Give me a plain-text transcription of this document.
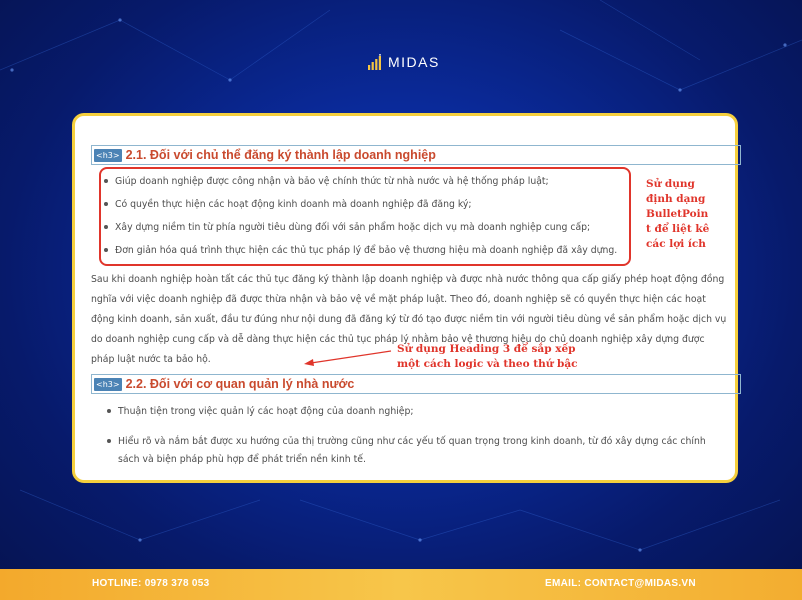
MIDAS
<h3> 2.1. Đối với chủ thể đăng ký thành lập doanh nghiệp
Giúp doanh nghiệp được công nhận và bảo vệ chính thức từ nhà nước và hệ thống pháp luật;
Có quyền thực hiện các hoạt động kinh doanh mà doanh nghiệp đã đăng ký;
Xây dựng niềm tin từ phía người tiêu dùng đối với sản phẩm hoặc dịch vụ mà doanh nghiệp cung cấp;
Đơn giản hóa quá trình thực hiện các thủ tục pháp lý để bảo vệ thương hiệu mà doanh nghiệp đã xây dựng.
Sử dụng
định dạng
BulletPoin
t để liệt kê
các lợi ích
Sau khi doanh nghiệp hoàn tất các thủ tục đăng ký thành lập doanh nghiệp và được nhà nước thông qua cấp giấy phép hoạt động đồng
nghĩa với việc doanh nghiệp đã được thừa nhận và bảo vệ về mặt pháp luật. Theo đó, doanh nghiệp sẽ có quyền thực hiện các hoạt
động kinh doanh, sản xuất, đầu tư đúng như nội dung đã đăng ký từ đó tạo được niềm tin với người tiêu dùng về sản phẩm hoặc dịch vụ
do doanh nghiệp cung cấp và dễ dàng thực hiện các thủ tục pháp lý nhằm bảo vệ thương hiệu do chủ doanh nghiệp xây dựng được
pháp luật nước ta bảo hộ.
Sử dụng Heading 3 để sắp xếp
một cách logic và theo thứ bậc
<h3> 2.2. Đối với cơ quan quản lý nhà nước
Thuận tiện trong việc quản lý các hoạt động của doanh nghiệp;
Hiểu rõ và nắm bắt được xu hướng của thị trường cũng như các yếu tố quan trọng trong kinh doanh, từ đó xây dựng các chính
sách và biện pháp phù hợp để phát triển nền kinh tế.
HOTLINE: 0978 378 053	EMAIL: CONTACT@MIDAS.VN
